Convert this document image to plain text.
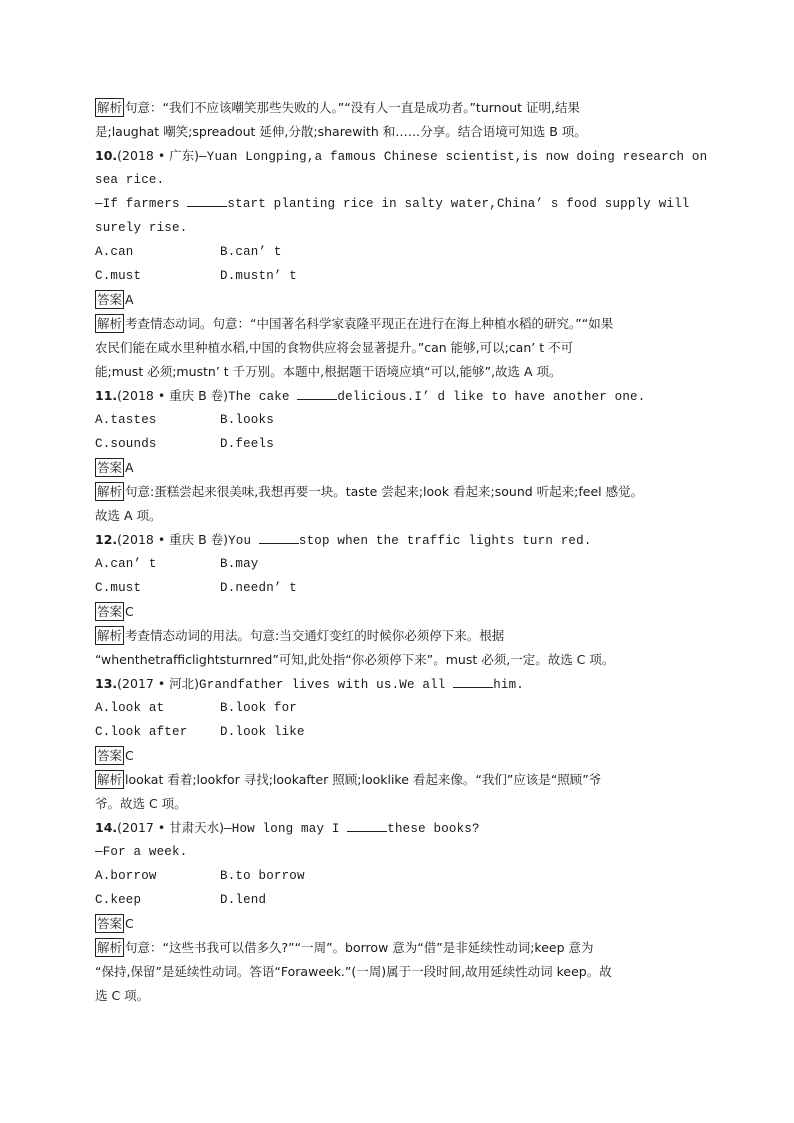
解析 句意：“我们不应该嘲笑那些失败的人。”“没有人一直是成功者。”turnout 证明,结果
是;laughat 嘲笑;spreadout 延伸,分散;sharewith 和……分享。结合语境可知选 B 项。
10.(2018 • 广东)—Yuan Longping,a famous Chinese scientist,is now doing research on
sea rice.
—If farmers	start planting rice in salty water,China’ s food supply will
surely rise.
A.can	B.can’ t
C.must	D.mustn’ t
答案 A
解析 考查情态动词。句意：“中国著名科学家袁隆平现正在进行在海上种植水稻的研究。”“如果
农民们能在咸水里种植水稻,中国的食物供应将会显著提升。”can 能够,可以;can’ t 不可
能;must 必须;mustn’ t 千万别。本题中,根据题干语境应填“可以,能够”,故选 A 项。
11.(2018 • 重庆 B 卷)The cake	delicious.I’ d like to have another one.
A.tastes	B.looks
C.sounds	D.feels
答案 A
解析 句意:蛋糕尝起来很美味,我想再要一块。taste 尝起来;look 看起来;sound 听起来;feel 感觉。
故选 A 项。
12.(2018 • 重庆 B 卷)You	stop when the traffic lights turn red.
A.can’ t	B.may
C.must	D.needn’ t
答案 C
解析 考查情态动词的用法。句意:当交通灯变红的时候你必须停下来。根据
“whenthetrafficlightsturnred”可知,此处指“你必须停下来”。must 必须,一定。故选 C 项。
13.(2017 • 河北)Grandfather lives with us.We all	him.
A.look at	B.look for
C.look after	D.look like
答案 C
解析 lookat 看着;lookfor 寻找;lookafter 照顾;looklike 看起来像。“我们”应该是“照顾”爷
爷。故选 C 项。
14.(2017 • 甘肃天水)—How long may I	these books?
—For a week.
A.borrow	B.to borrow
C.keep	D.lend
答案 C
解析 句意：“这些书我可以借多久?”“一周”。borrow 意为“借”是非延续性动词;keep 意为
“保持,保留”是延续性动词。答语“Foraweek.”(一周)属于一段时间,故用延续性动词 keep。故
选 C 项。
